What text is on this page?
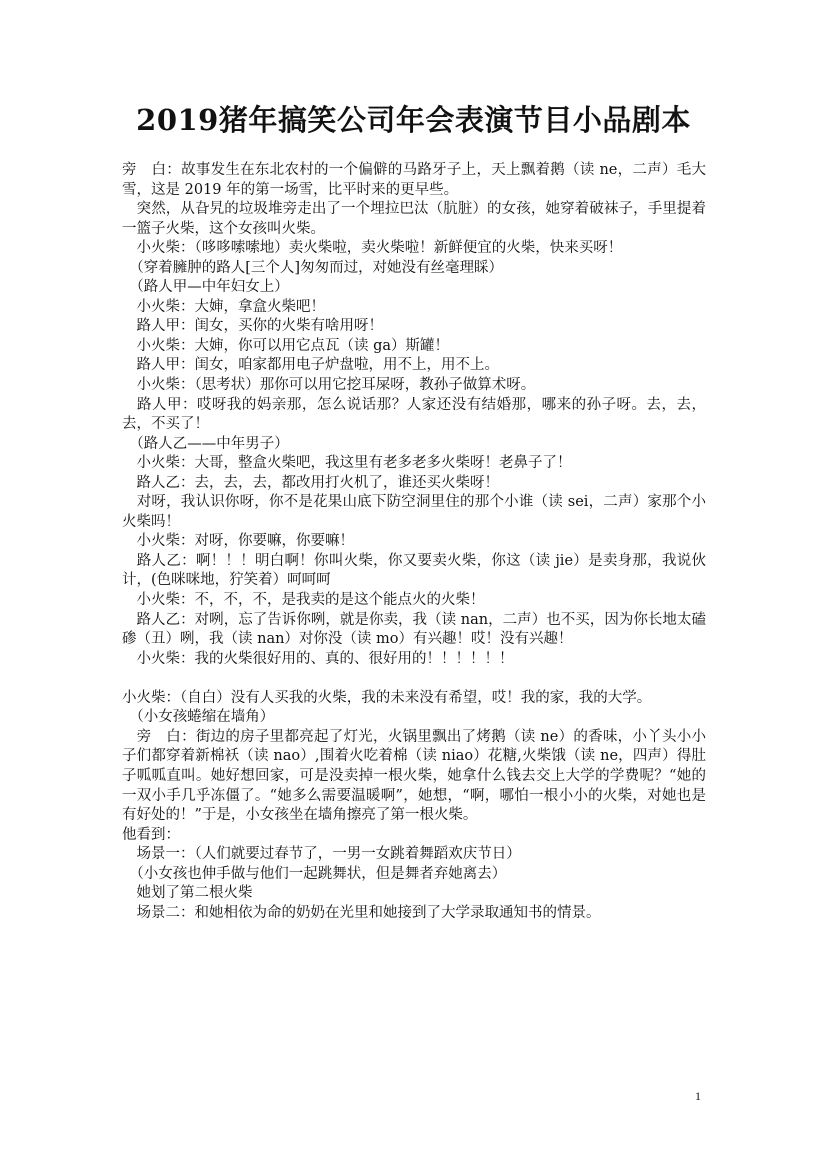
2019猪年搞笑公司年会表演节目小品剧本

旁　白：故事发生在东北农村的一个偏僻的马路牙子上，天上飘着鹅（读 ne，二声）毛大雪，这是 2019 年的第一场雪，比平时来的更早些。

　突然，从旮旯的垃圾堆旁走出了一个埋拉巴汰（肮脏）的女孩，她穿着破袜子，手里提着一篮子火柴，这个女孩叫火柴。

　小火柴：（哆哆嗦嗦地）卖火柴啦，卖火柴啦！新鲜便宜的火柴，快来买呀！

　（穿着臃肿的路人[三个人]匆匆而过，对她没有丝毫理睬）

　（路人甲—中年妇女上）

　小火柴：大婶，拿盒火柴吧！

　路人甲：闺女，买你的火柴有啥用呀！

　小火柴：大婶，你可以用它点瓦（读 ga）斯罐！

　路人甲：闺女，咱家都用电子炉盘啦，用不上，用不上。

　小火柴：（思考状）那你可以用它挖耳屎呀，教孙子做算术呀。

　路人甲：哎呀我的妈亲那，怎么说话那？人家还没有结婚那，哪来的孙子呀。去，去，去，不买了！

　（路人乙——中年男子）

　小火柴：大哥，整盒火柴吧，我这里有老多老多火柴呀！老鼻子了！

　路人乙：去，去，去，都改用打火机了，谁还买火柴呀！

　对呀，我认识你呀，你不是花果山底下防空洞里住的那个小谁（读 sei，二声）家那个小火柴吗！

　小火柴：对呀，你要嘛，你要嘛！

　路人乙：啊！！！明白啊！你叫火柴，你又要卖火柴，你这（读 jie）是卖身那，我说伙计，(色咪咪地，狞笑着）呵呵呵

　小火柴：不，不，不，是我卖的是这个能点火的火柴！

　路人乙：对咧，忘了告诉你咧，就是你卖，我（读 nan，二声）也不买，因为你长地太磕碜（丑）咧，我（读 nan）对你没（读 mo）有兴趣！哎！没有兴趣！

　小火柴：我的火柴很好用的、真的、很好用的！！！！！！

小火柴：（自白）没有人买我的火柴，我的未来没有希望，哎！我的家，我的大学。

　（小女孩蜷缩在墙角）

　旁　白：街边的房子里都亮起了灯光，火锅里飘出了烤鹅（读 ne）的香味，小丫头小小子们都穿着新棉袄（读 nao）,围着火吃着棉（读 niao）花糖,火柴饿（读 ne，四声）得肚子呱呱直叫。她好想回家，可是没卖掉一根火柴，她拿什么钱去交上大学的学费呢？“她的一双小手几乎冻僵了。“她多么需要温暖啊”，她想，“啊，哪怕一根小小的火柴，对她也是有好处的！”于是，小女孩坐在墙角擦亮了第一根火柴。

他看到：

　场景一：（人们就要过春节了，一男一女跳着舞蹈欢庆节日）

　（小女孩也伸手做与他们一起跳舞状，但是舞者弃她离去）

　她划了第二根火柴

　场景二：和她相依为命的奶奶在光里和她接到了大学录取通知书的情景。

1
